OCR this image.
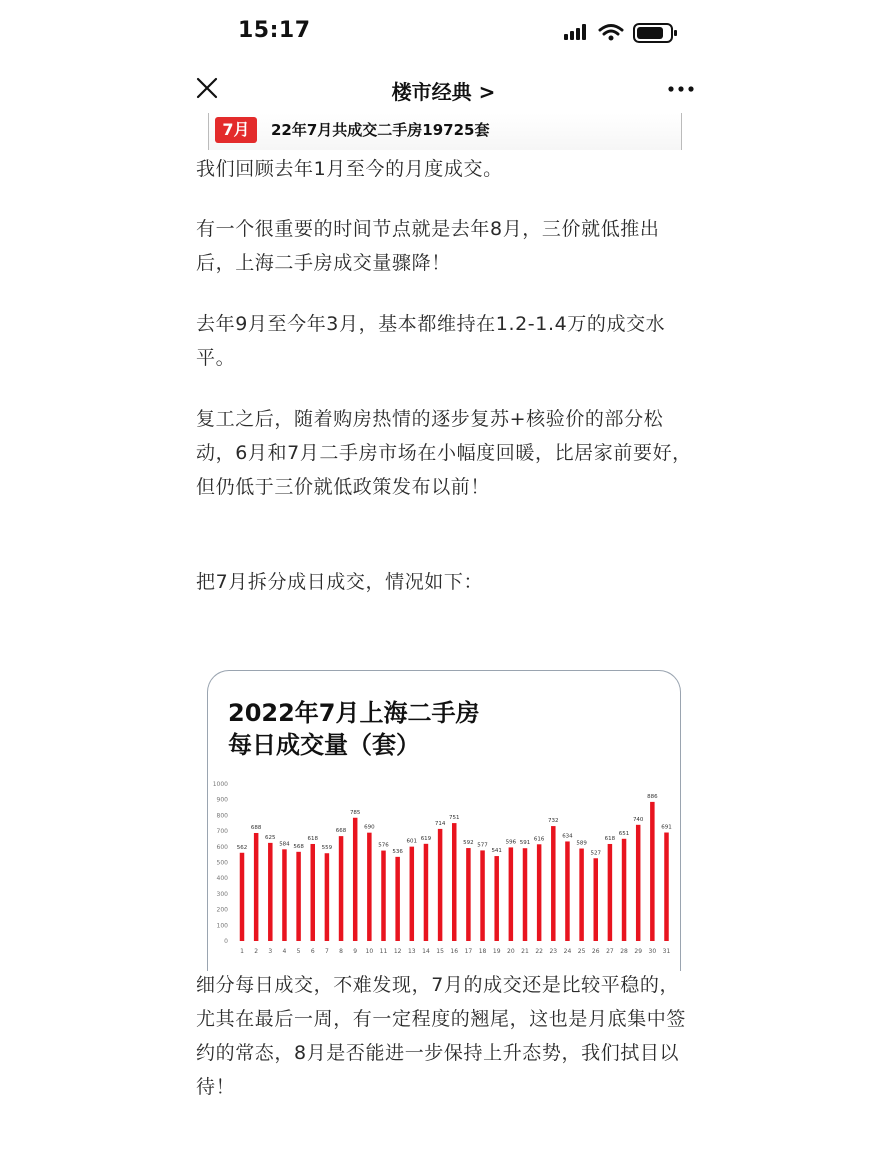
15:17
楼市经典 >
7月	22年7月共成交二手房19725套
我们回顾去年1月至今的月度成交。
有一个很重要的时间节点就是去年8月，三价就低推出后，上海二手房成交量骤降！
去年9月至今年3月，基本都维持在1.2-1.4万的成交水平。
复工之后，随着购房热情的逐步复苏+核验价的部分松动，6月和7月二手房市场在小幅度回暖，比居家前要好，但仍低于三价就低政策发布以前！
把7月拆分成日成交，情况如下：
2022年7月上海二手房
每日成交量（套）
0
100
200
300
400
500
600
700
800
900
1000
562
1
688
2
625
3
584
4
568
5
618
6
559
7
668
8
785
9
690
10
576
11
536
12
601
13
619
14
714
15
751
16
592
17
577
18
541
19
596
20
591
21
616
22
732
23
634
24
589
25
527
26
618
27
651
28
740
29
886
30
691
31
细分每日成交，不难发现，7月的成交还是比较平稳的，尤其在最后一周，有一定程度的翘尾，这也是月底集中签约的常态，8月是否能进一步保持上升态势，我们拭目以待！
